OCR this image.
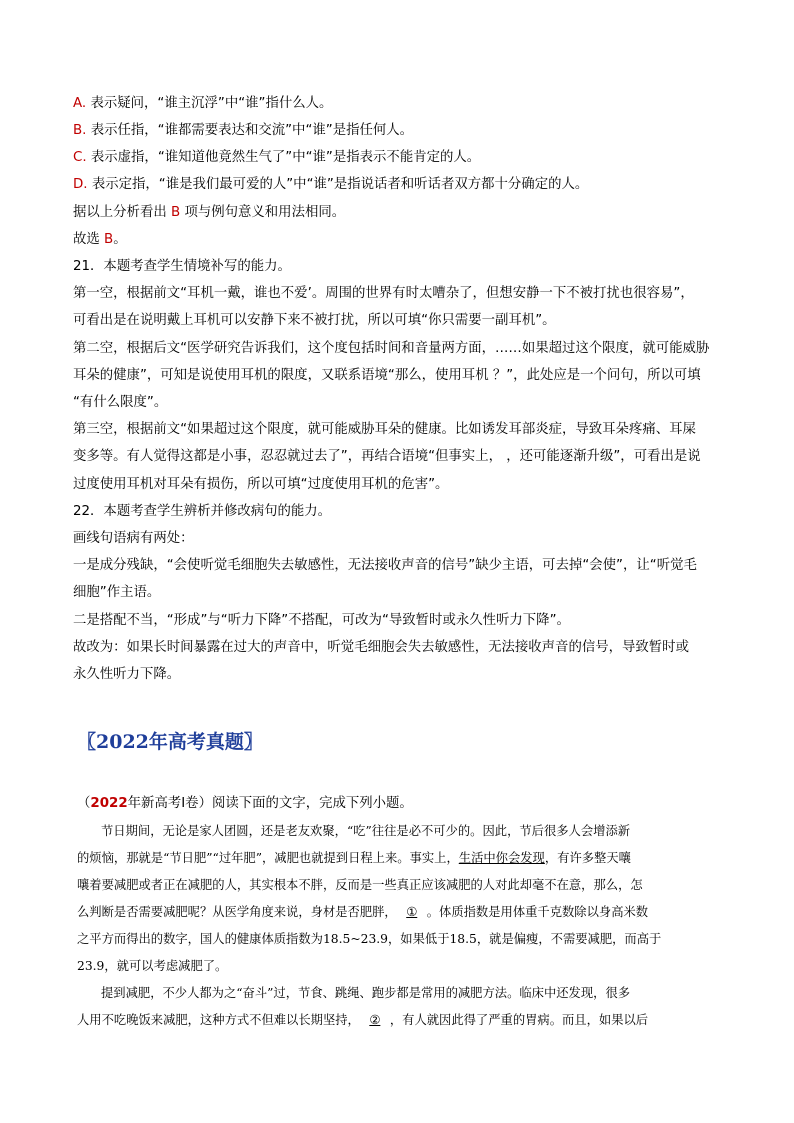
A. 表示疑问，“谁主沉浮”中“谁”指什么人。
B. 表示任指，“谁都需要表达和交流”中“谁”是指任何人。
C. 表示虚指，“谁知道他竟然生气了”中“谁”是指表示不能肯定的人。
D. 表示定指，“谁是我们最可爱的人”中“谁”是指说话者和听话者双方都十分确定的人。
据以上分析看出 B 项与例句意义和用法相同。
故选 B。
21．本题考查学生情境补写的能力。
第一空，根据前文“耳机一戴，谁也不爱’。周围的世界有时太嘈杂了，但想安静一下不被打扰也很容易”，
可看出是在说明戴上耳机可以安静下来不被打扰，所以可填“你只需要一副耳机”。
第二空，根据后文“医学研究告诉我们，这个度包括时间和音量两方面，……如果超过这个限度，就可能威胁
耳朵的健康”，可知是说使用耳机的限度，又联系语境“那么，使用耳机 ？”，此处应是一个问句，所以可填
“有什么限度”。
第三空，根据前文“如果超过这个限度，就可能威胁耳朵的健康。比如诱发耳部炎症，导致耳朵疼痛、耳屎
变多等。有人觉得这都是小事，忍忍就过去了”，再结合语境“但事实上， ，还可能逐渐升级”，可看出是说
过度使用耳机对耳朵有损伤，所以可填“过度使用耳机的危害”。
22．本题考查学生辨析并修改病句的能力。
画线句语病有两处：
一是成分残缺，“会使听觉毛细胞失去敏感性，无法接收声音的信号”缺少主语，可去掉“会使”，让“听觉毛
细胞”作主语。
二是搭配不当，“形成”与“听力下降”不搭配，可改为“导致暂时或永久性听力下降”。
故改为：如果长时间暴露在过大的声音中，听觉毛细胞会失去敏感性，无法接收声音的信号，导致暂时或
永久性听力下降。
〖2022年高考真题〗
（2022年新高考Ⅰ卷）阅读下面的文字，完成下列小题。
节日期间，无论是家人团圆，还是老友欢聚，“吃”往往是必不可少的。因此，节后很多人会增添新
的烦恼，那就是“节日肥”“过年肥”，减肥也就提到日程上来。事实上，生活中你会发现，有许多整天嚷
嚷着要减肥或者正在减肥的人，其实根本不胖，反而是一些真正应该减肥的人对此却毫不在意，那么，怎
么判断是否需要减肥呢？从医学角度来说，身材是否肥胖， ① 。体质指数是用体重千克数除以身高米数
之平方而得出的数字，国人的健康体质指数为18.5~23.9，如果低于18.5，就是偏瘦，不需要减肥，而高于
23.9，就可以考虑减肥了。
提到减肥，不少人都为之“奋斗”过，节食、跳绳、跑步都是常用的减肥方法。临床中还发现，很多
人用不吃晚饭来减肥，这种方式不但难以长期坚持， ② ，有人就因此得了严重的胃病。而且，如果以后
